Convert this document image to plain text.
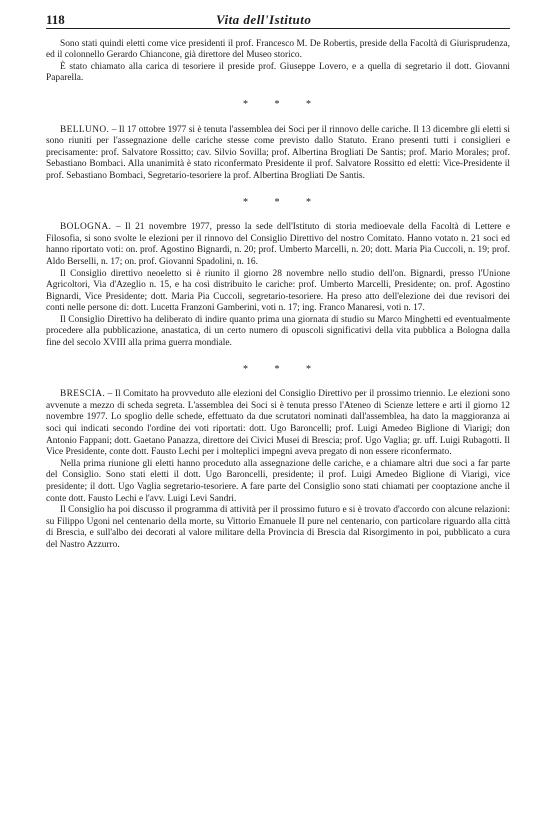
118	Vita dell'Istituto

Sono stati quindi eletti come vice presidenti il prof. Francesco M. De Robertis, preside della Facoltà di Giurisprudenza, ed il colonnello Gerardo Chiancone, già direttore del Museo storico.

È stato chiamato alla carica di tesoriere il preside prof. Giuseppe Lovero, e a quella di segretario il dott. Giovanni Paparella.

* * *

BELLUNO. – Il 17 ottobre 1977 si è tenuta l'assemblea dei Soci per il rinnovo delle cariche. Il 13 dicembre gli eletti si sono riuniti per l'assegnazione delle cariche stesse come previsto dallo Statuto. Erano presenti tutti i consiglieri e precisamente: prof. Salvatore Rossitto; cav. Silvio Sovilla; prof. Albertina Brogliati De Santis; prof. Mario Morales; prof. Sebastiano Bombaci. Alla unanimità è stato riconfermato Presidente il prof. Salvatore Rossitto ed eletti: Vice-Presidente il prof. Sebastiano Bombaci, Segretario-tesoriere la prof. Albertina Brogliati De Santis.

* * *

BOLOGNA. – Il 21 novembre 1977, presso la sede dell'Istituto di storia medioevale della Facoltà di Lettere e Filosofia, si sono svolte le elezioni per il rinnovo del Consiglio Direttivo del nostro Comitato. Hanno votato n. 21 soci ed hanno riportato voti: on. prof. Agostino Bignardi, n. 20; prof. Umberto Marcelli, n. 20; dott. Maria Pia Cuccoli, n. 19; prof. Aldo Berselli, n. 17; on. prof. Giovanni Spadolini, n. 16.

Il Consiglio direttivo neoeletto si è riunito il giorno 28 novembre nello studio dell'on. Bignardi, presso l'Unione Agricoltori, Via d'Azeglio n. 15, e ha così distribuito le cariche: prof. Umberto Marcelli, Presidente; on. prof. Agostino Bignardi, Vice Presidente; dott. Maria Pia Cuccoli, segretario-tesoriere. Ha preso atto dell'elezione dei due revisori dei conti nelle persone di: dott. Lucetta Franzoni Gamberini, voti n. 17; ing. Franco Manaresi, voti n. 17.

Il Consiglio Direttivo ha deliberato di indire quanto prima una giornata di studio su Marco Minghetti ed eventualmente procedere alla pubblicazione, anastatica, di un certo numero di opuscoli significativi della vita pubblica a Bologna dalla fine del secolo XVIII alla prima guerra mondiale.

* * *

BRESCIA. – Il Comitato ha provveduto alle elezioni del Consiglio Direttivo per il prossimo triennio. Le elezioni sono avvenute a mezzo di scheda segreta. L'assemblea dei Soci si è tenuta presso l'Ateneo di Scienze lettere e arti il giorno 12 novembre 1977. Lo spoglio delle schede, effettuato da due scrutatori nominati dall'assemblea, ha dato la maggioranza ai soci qui indicati secondo l'ordine dei voti riportati: dott. Ugo Baroncelli; prof. Luigi Amedeo Biglione di Viarigi; don Antonio Fappani; dott. Gaetano Panazza, direttore dei Civici Musei di Brescia; prof. Ugo Vaglia; gr. uff. Luigi Rubagotti. Il Vice Presidente, conte dott. Fausto Lechi per i molteplici impegni aveva pregato di non essere riconfermato.

Nella prima riunione gli eletti hanno proceduto alla assegnazione delle cariche, e a chiamare altri due soci a far parte del Consiglio. Sono stati eletti il dott. Ugo Baroncelli, presidente; il prof. Luigi Amedeo Biglione di Viarigi, vice presidente; il dott. Ugo Vaglia segretario-tesoriere. A fare parte del Consiglio sono stati chiamati per cooptazione anche il conte dott. Fausto Lechi e l'avv. Luigi Levi Sandri.

Il Consiglio ha poi discusso il programma di attività per il prossimo futuro e si è trovato d'accordo con alcune relazioni: su Filippo Ugoni nel centenario della morte, su Vittorio Emanuele II pure nel centenario, con particolare riguardo alla città di Brescia, e sull'albo dei decorati al valore militare della Provincia di Brescia dal Risorgimento in poi, pubblicato a cura del Nastro Azzurro.
